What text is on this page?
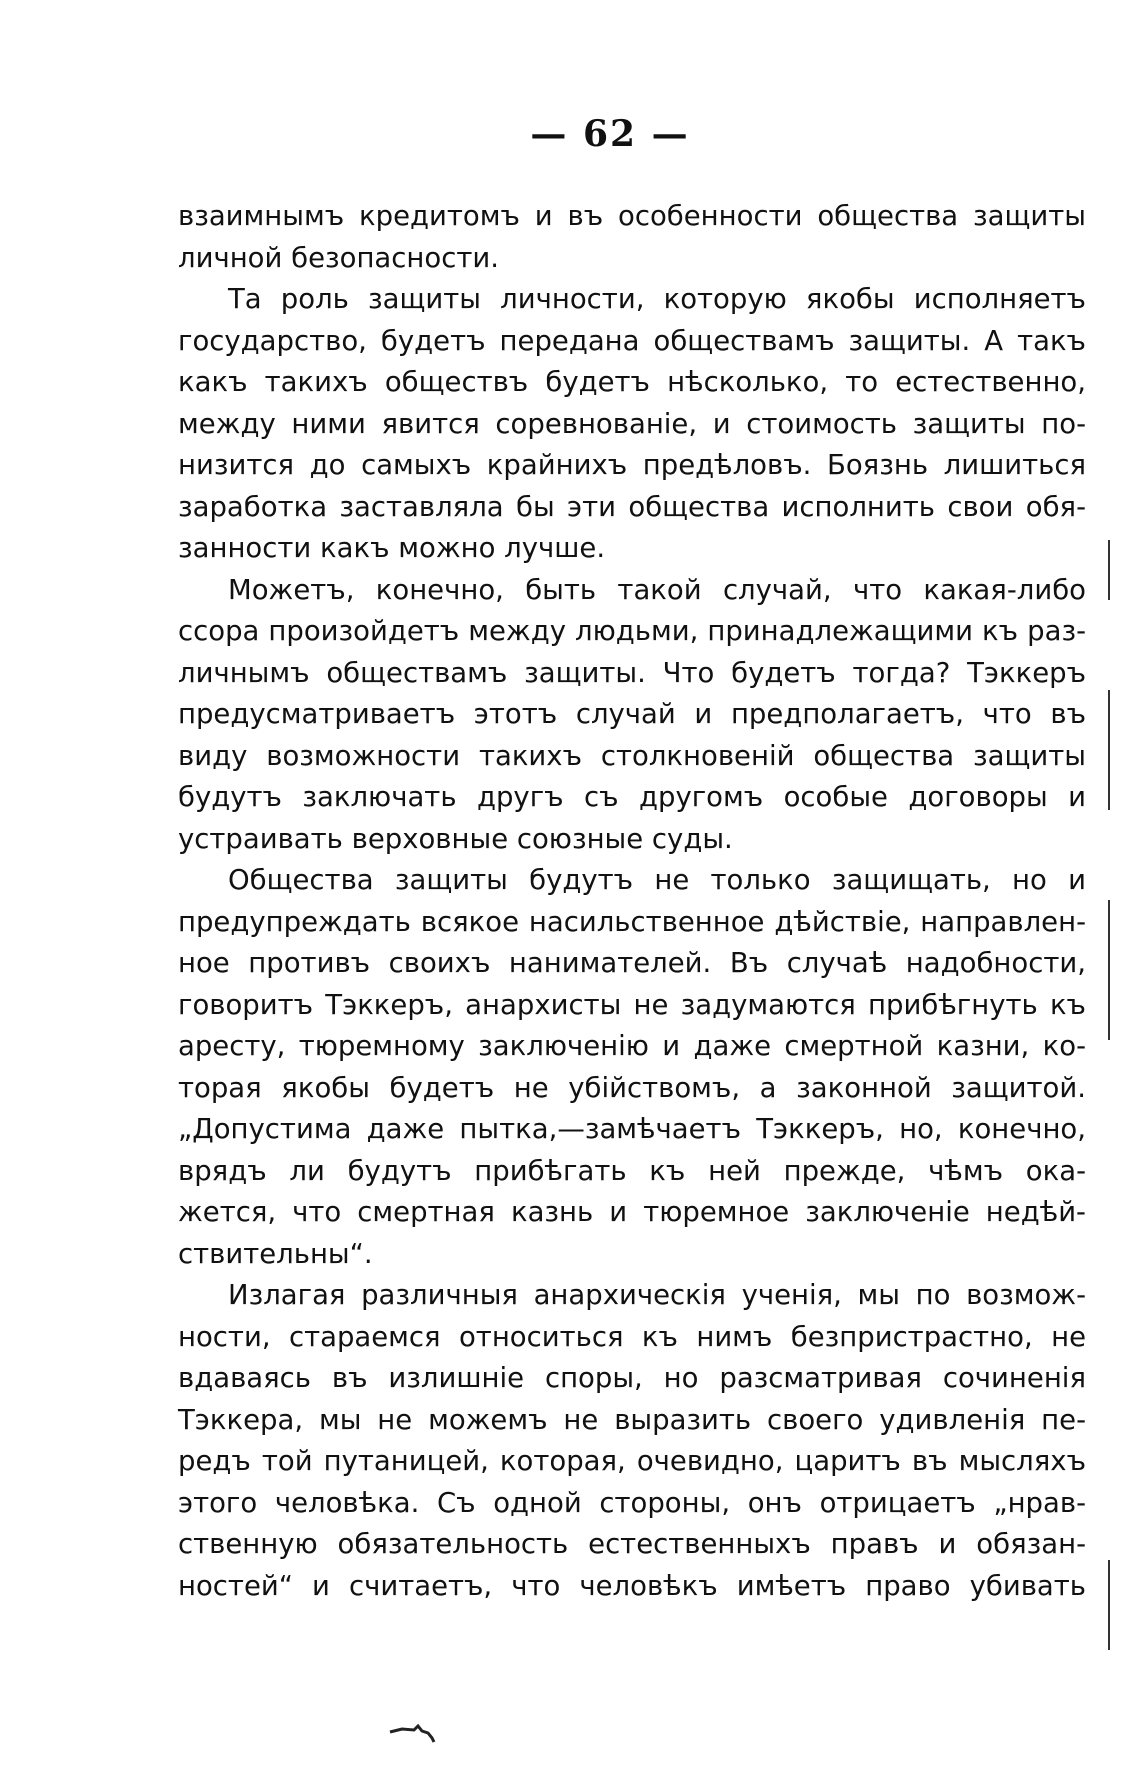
— 62 —
взаимнымъ кредитомъ и въ особенности общества защиты
личной безопасности.
Та роль защиты личности, которую якобы исполняетъ
государство, будетъ передана обществамъ защиты. А такъ
какъ такихъ обществъ будетъ нѣсколько, то естественно,
между ними явится соревнованіе, и стоимость защиты по-
низится до самыхъ крайнихъ предѣловъ. Боязнь лишиться
заработка заставляла бы эти общества исполнить свои обя-
занности какъ можно лучше.
Можетъ, конечно, быть такой случай, что какая-либо
ссора произойдетъ между людьми, принадлежащими къ раз-
личнымъ обществамъ защиты. Что будетъ тогда? Тэккеръ
предусматриваетъ этотъ случай и предполагаетъ, что въ
виду возможности такихъ столкновеній общества защиты
будутъ заключать другъ съ другомъ особые договоры и
устраивать верховные союзные суды.
Общества защиты будутъ не только защищать, но и
предупреждать всякое насильственное дѣйствіе, направлен-
ное противъ своихъ нанимателей. Въ случаѣ надобности,
говоритъ Тэккеръ, анархисты не задумаются прибѣгнуть къ
аресту, тюремному заключенію и даже смертной казни, ко-
торая якобы будетъ не убійствомъ, а законной защитой.
„Допустима даже пытка,—замѣчаетъ Тэккеръ, но, конечно,
врядъ ли будутъ прибѣгать къ ней прежде, чѣмъ ока-
жется, что смертная казнь и тюремное заключеніе недѣй-
ствительны“.
Излагая различныя анархическія ученія, мы по возмож-
ности, стараемся относиться къ нимъ безпристрастно, не
вдаваясь въ излишніе споры, но разсматривая сочиненія
Тэккера, мы не можемъ не выразить своего удивленія пе-
редъ той путаницей, которая, очевидно, царитъ въ мысляхъ
этого человѣка. Съ одной стороны, онъ отрицаетъ „нрав-
ственную обязательность естественныхъ правъ и обязан-
ностей“ и считаетъ, что человѣкъ имѣетъ право убивать
